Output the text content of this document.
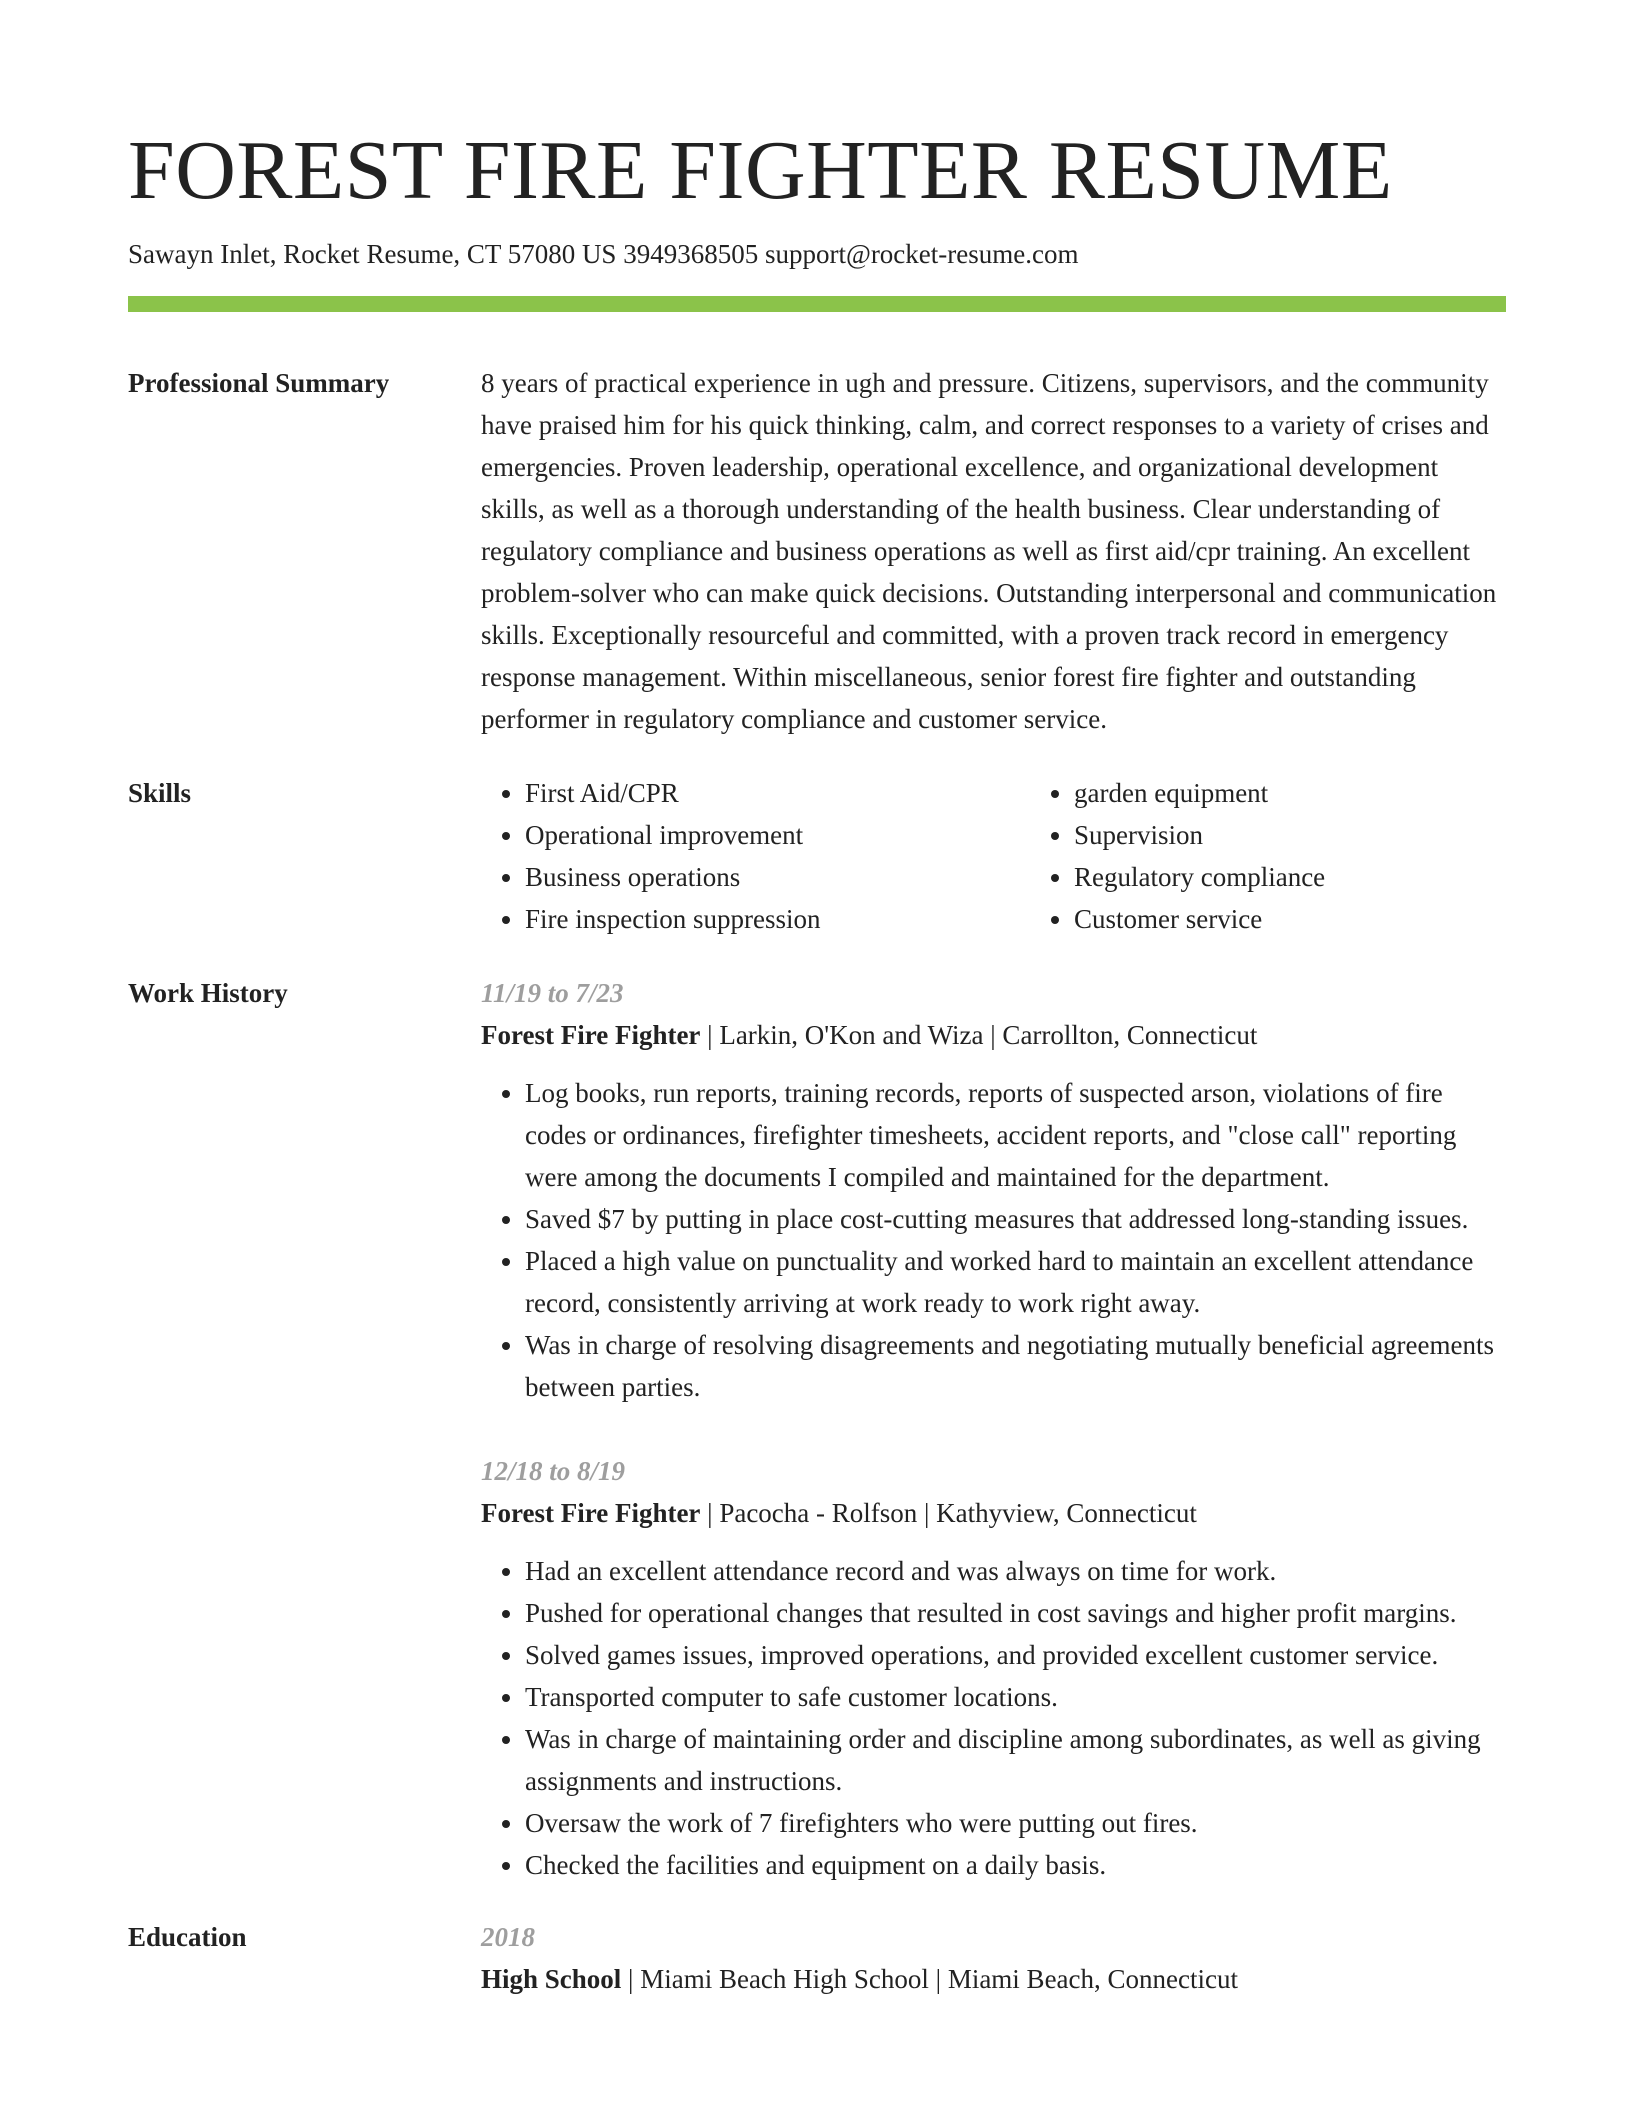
FOREST FIRE FIGHTER RESUME
Sawayn Inlet, Rocket Resume, CT 57080 US 3949368505 support@rocket-resume.com
Professional Summary	8 years of practical experience in ugh and pressure. Citizens, supervisors, and the community have praised him for his quick thinking, calm, and correct responses to a variety of crises and emergencies. Proven leadership, operational excellence, and organizational development skills, as well as a thorough understanding of the health business. Clear understanding of regulatory compliance and business operations as well as first aid/cpr training. An excellent problem-solver who can make quick decisions. Outstanding interpersonal and communication skills. Exceptionally resourceful and committed, with a proven track record in emergency response management. Within miscellaneous, senior forest fire fighter and outstanding performer in regulatory compliance and customer service.

Skills
•	First Aid/CPR
• Operational improvement
• Business operations
• Fire inspection suppression
• garden equipment
• Supervision
• Regulatory compliance
• Customer service
Work History	11/19 to 7/23
Forest Fire Fighter | Larkin, O'Kon and Wiza | Carrollton, Connecticut
• Log books, run reports, training records, reports of suspected arson, violations of fire codes or ordinances, firefighter timesheets, accident reports, and "close call" reporting were among the documents I compiled and maintained for the department.
• Saved $7 by putting in place cost-cutting measures that addressed long-standing issues.
• Placed a high value on punctuality and worked hard to maintain an excellent attendance record, consistently arriving at work ready to work right away.
• Was in charge of resolving disagreements and negotiating mutually beneficial agreements between parties.
12/18 to 8/19
Forest Fire Fighter | Pacocha - Rolfson | Kathyview, Connecticut
• Had an excellent attendance record and was always on time for work.
• Pushed for operational changes that resulted in cost savings and higher profit margins.
• Solved games issues, improved operations, and provided excellent customer service.
• Transported computer to safe customer locations.
• Was in charge of maintaining order and discipline among subordinates, as well as giving assignments and instructions.
• Oversaw the work of 7 firefighters who were putting out fires.
• Checked the facilities and equipment on a daily basis.
Education	2018
High School | Miami Beach High School | Miami Beach, Connecticut
